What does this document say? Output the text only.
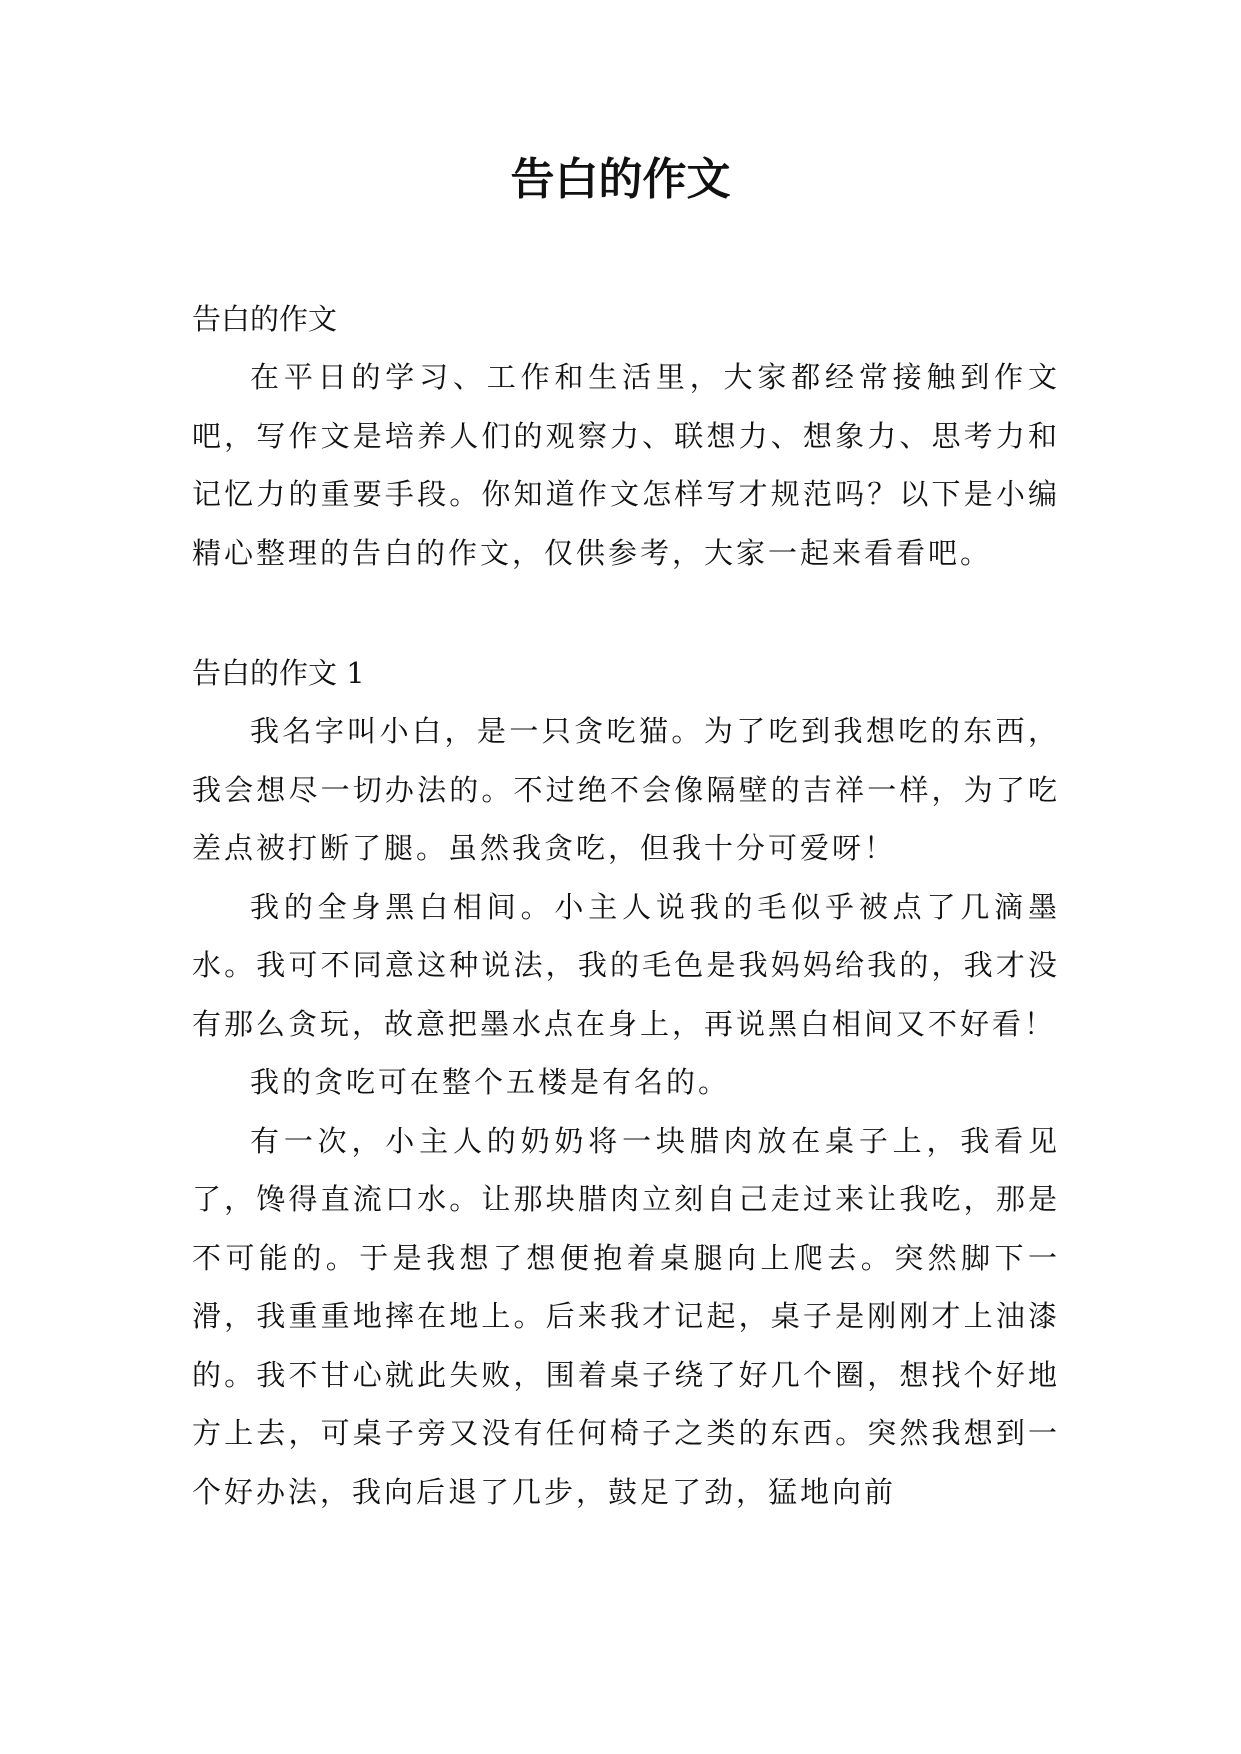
告白的作文

告白的作文

在平日的学习、工作和生活里，大家都经常接触到作文吧，写作文是培养人们的观察力、联想力、想象力、思考力和记忆力的重要手段。你知道作文怎样写才规范吗？以下是小编精心整理的告白的作文，仅供参考，大家一起来看看吧。

告白的作文 1

我名字叫小白，是一只贪吃猫。为了吃到我想吃的东西，我会想尽一切办法的。不过绝不会像隔壁的吉祥一样，为了吃差点被打断了腿。虽然我贪吃，但我十分可爱呀！

我的全身黑白相间。小主人说我的毛似乎被点了几滴墨水。我可不同意这种说法，我的毛色是我妈妈给我的，我才没有那么贪玩，故意把墨水点在身上，再说黑白相间又不好看！

我的贪吃可在整个五楼是有名的。

有一次，小主人的奶奶将一块腊肉放在桌子上，我看见了，馋得直流口水。让那块腊肉立刻自己走过来让我吃，那是不可能的。于是我想了想便抱着桌腿向上爬去。突然脚下一滑，我重重地摔在地上。后来我才记起，桌子是刚刚才上油漆的。我不甘心就此失败，围着桌子绕了好几个圈，想找个好地方上去，可桌子旁又没有任何椅子之类的东西。突然我想到一个好办法，我向后退了几步，鼓足了劲，猛地向前
